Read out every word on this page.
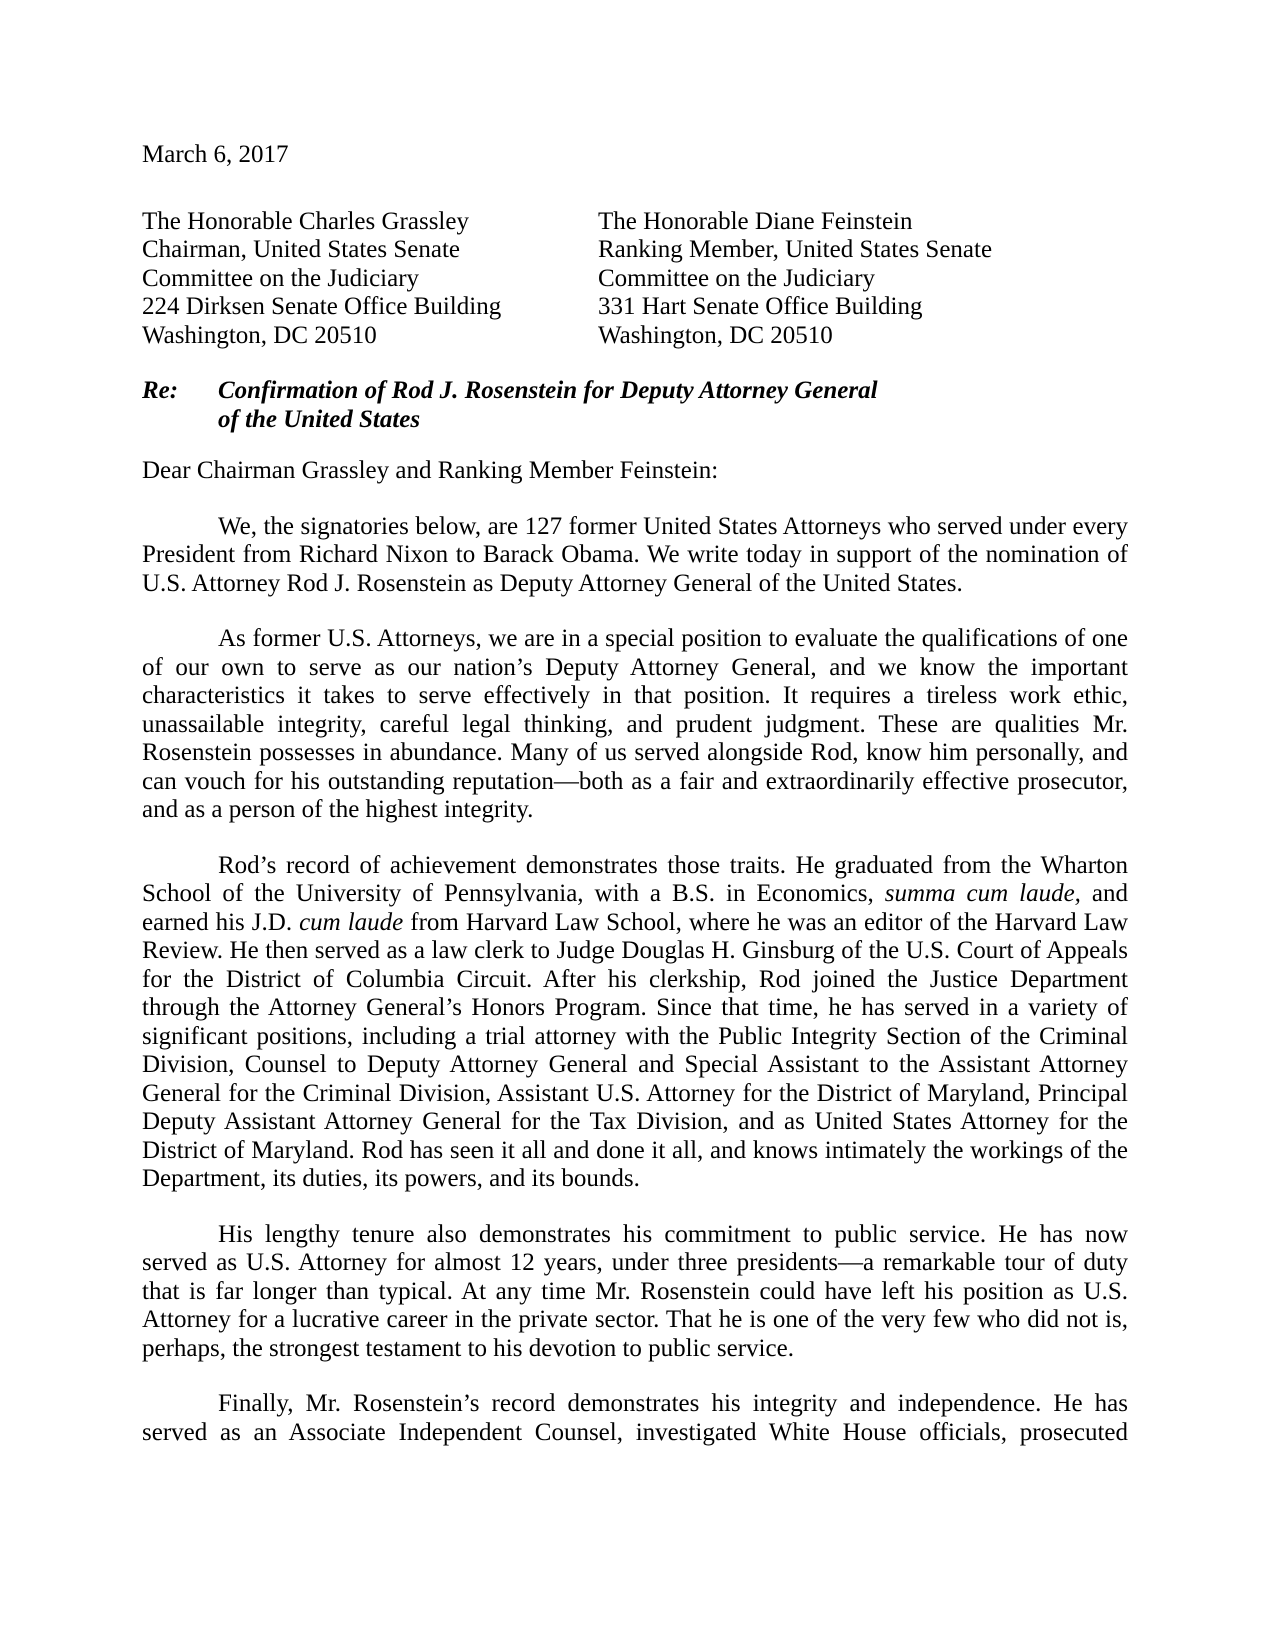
March 6, 2017

The Honorable Charles Grassley
Chairman, United States Senate
Committee on the Judiciary
224 Dirksen Senate Office Building
Washington, DC 20510
The Honorable Diane Feinstein
Ranking Member, United States Senate
Committee on the Judiciary
331 Hart Senate Office Building
Washington, DC 20510
Re:	Confirmation of Rod J. Rosenstein for Deputy Attorney General
of the United States

Dear Chairman Grassley and Ranking Member Feinstein:

We, the signatories below, are 127 former United States Attorneys who served under every President from Richard Nixon to Barack Obama. We write today in support of the nomination of U.S. Attorney Rod J. Rosenstein as Deputy Attorney General of the United States.

As former U.S. Attorneys, we are in a special position to evaluate the qualifications of one of our own to serve as our nation’s Deputy Attorney General, and we know the important characteristics it takes to serve effectively in that position. It requires a tireless work ethic, unassailable integrity, careful legal thinking, and prudent judgment. These are qualities Mr. Rosenstein possesses in abundance. Many of us served alongside Rod, know him personally, and can vouch for his outstanding reputation—both as a fair and extraordinarily effective prosecutor, and as a person of the highest integrity.

Rod’s record of achievement demonstrates those traits. He graduated from the Wharton School of the University of Pennsylvania, with a B.S. in Economics, summa cum laude, and earned his J.D. cum laude from Harvard Law School, where he was an editor of the Harvard Law Review. He then served as a law clerk to Judge Douglas H. Ginsburg of the U.S. Court of Appeals for the District of Columbia Circuit. After his clerkship, Rod joined the Justice Department through the Attorney General’s Honors Program. Since that time, he has served in a variety of significant positions, including a trial attorney with the Public Integrity Section of the Criminal Division, Counsel to Deputy Attorney General and Special Assistant to the Assistant Attorney General for the Criminal Division, Assistant U.S. Attorney for the District of Maryland, Principal Deputy Assistant Attorney General for the Tax Division, and as United States Attorney for the District of Maryland. Rod has seen it all and done it all, and knows intimately the workings of the Department, its duties, its powers, and its bounds.

His lengthy tenure also demonstrates his commitment to public service. He has now served as U.S. Attorney for almost 12 years, under three presidents—a remarkable tour of duty that is far longer than typical. At any time Mr. Rosenstein could have left his position as U.S. Attorney for a lucrative career in the private sector. That he is one of the very few who did not is, perhaps, the strongest testament to his devotion to public service.

Finally, Mr. Rosenstein’s record demonstrates his integrity and independence. He has served as an Associate Independent Counsel, investigated White House officials, prosecuted
